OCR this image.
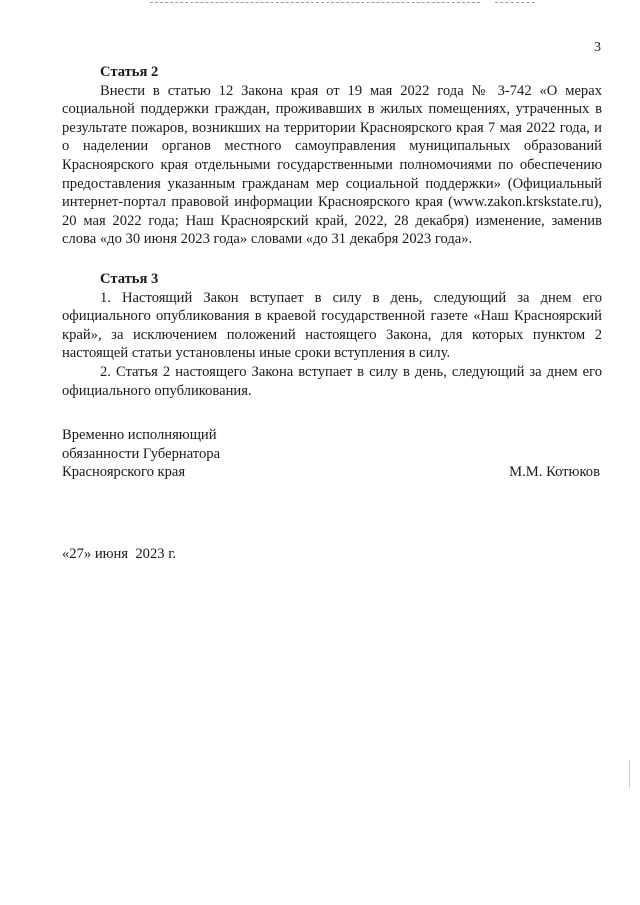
3
Статья 2

Внести в статью 12 Закона края от 19 мая 2022 года № 3-742 «О мерах социальной поддержки граждан, проживавших в жилых помещениях, утраченных в результате пожаров, возникших на территории Красноярского края 7 мая 2022 года, и о наделении органов местного самоуправления муниципальных образований Красноярского края отдельными государственными полномочиями по обеспечению предоставления указанным гражданам мер социальной поддержки» (Официальный интернет-портал правовой информации Красноярского края (www.zakon.krskstate.ru), 20 мая 2022 года; Наш Красноярский край, 2022, 28 декабря) изменение, заменив слова «до 30 июня 2023 года» словами «до 31 декабря 2023 года».

Статья 3

1. Настоящий Закон вступает в силу в день, следующий за днем его официального опубликования в краевой государственной газете «Наш Красноярский край», за исключением положений настоящего Закона, для которых пунктом 2 настоящей статьи установлены иные сроки вступления в силу.

2. Статья 2 настоящего Закона вступает в силу в день, следующий за днем его официального опубликования.

Временно исполняющий
обязанности Губернатора
Красноярского края	М.М. Котюков
«27» июня  2023 г.
